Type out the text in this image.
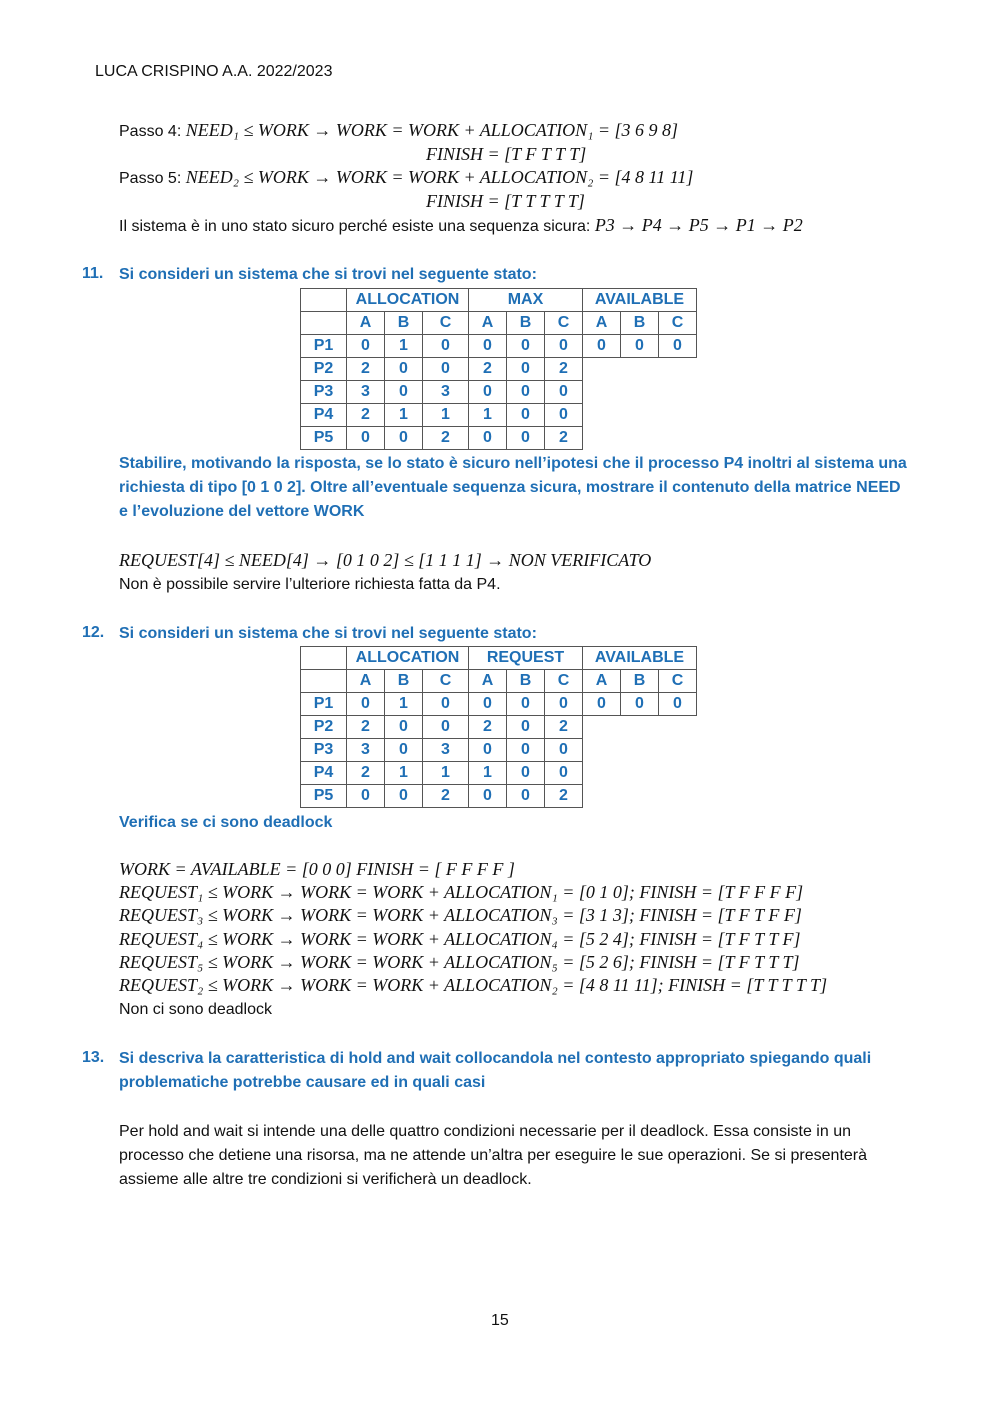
LUCA CRISPINO A.A. 2022/2023
Passo 4: NEED₁ ≤ WORK → WORK = WORK + ALLOCATION₁ = [3 6 9 8]
FINISH = [T F T T T]
Passo 5: NEED₂ ≤ WORK → WORK = WORK + ALLOCATION₂ = [4 8 11 11]
FINISH = [T T T T T]
Il sistema è in uno stato sicuro perché esiste una sequenza sicura: P3 → P4 → P5 → P1 → P2
11. Si consideri un sistema che si trovi nel seguente stato:
	ALLOCATION			MAX			AVAILABLE		
	A	B	C	A	B	C	A	B	C
P1	0	1	0	0	0	0	0	0	0
P2	2	0	0	2	0	2			
P3	3	0	3	0	0	0			
P4	2	1	1	1	0	0			
P5	0	0	2	0	0	2			
Stabilire, motivando la risposta, se lo stato è sicuro nell’ipotesi che il processo P4 inoltri al sistema una
richiesta di tipo [0 1 0 2]. Oltre all’eventuale sequenza sicura, mostrare il contenuto della matrice NEED
e l’evoluzione del vettore WORK
REQUEST[4] ≤ NEED[4] → [0 1 0 2] ≤ [1 1 1 1] → NON VERIFICATO
Non è possibile servire l’ulteriore richiesta fatta da P4.
12. Si consideri un sistema che si trovi nel seguente stato:
	ALLOCATION			REQUEST			AVAILABLE		
	A	B	C	A	B	C	A	B	C
P1	0	1	0	0	0	0	0	0	0
P2	2	0	0	2	0	2			
P3	3	0	3	0	0	0			
P4	2	1	1	1	0	0			
P5	0	0	2	0	0	2			
Verifica se ci sono deadlock
WORK = AVAILABLE = [0 0 0] FINISH = [ F F F F ]
REQUEST₁ ≤ WORK → WORK = WORK + ALLOCATION₁ = [0 1 0]; FINISH = [T F F F F]
REQUEST₃ ≤ WORK → WORK = WORK + ALLOCATION₃ = [3 1 3]; FINISH = [T F T F F]
REQUEST₄ ≤ WORK → WORK = WORK + ALLOCATION₄ = [5 2 4]; FINISH = [T F T T F]
REQUEST₅ ≤ WORK → WORK = WORK + ALLOCATION₅ = [5 2 6]; FINISH = [T F T T T]
REQUEST₂ ≤ WORK → WORK = WORK + ALLOCATION₂ = [4 8 11 11]; FINISH = [T T T T T]
Non ci sono deadlock
13. Si descriva la caratteristica di hold and wait collocandola nel contesto appropriato spiegando quali
problematiche potrebbe causare ed in quali casi
Per hold and wait si intende una delle quattro condizioni necessarie per il deadlock. Essa consiste in un
processo che detiene una risorsa, ma ne attende un’altra per eseguire le sue operazioni. Se si presenterà
assieme alle altre tre condizioni si verificherà un deadlock.
15
